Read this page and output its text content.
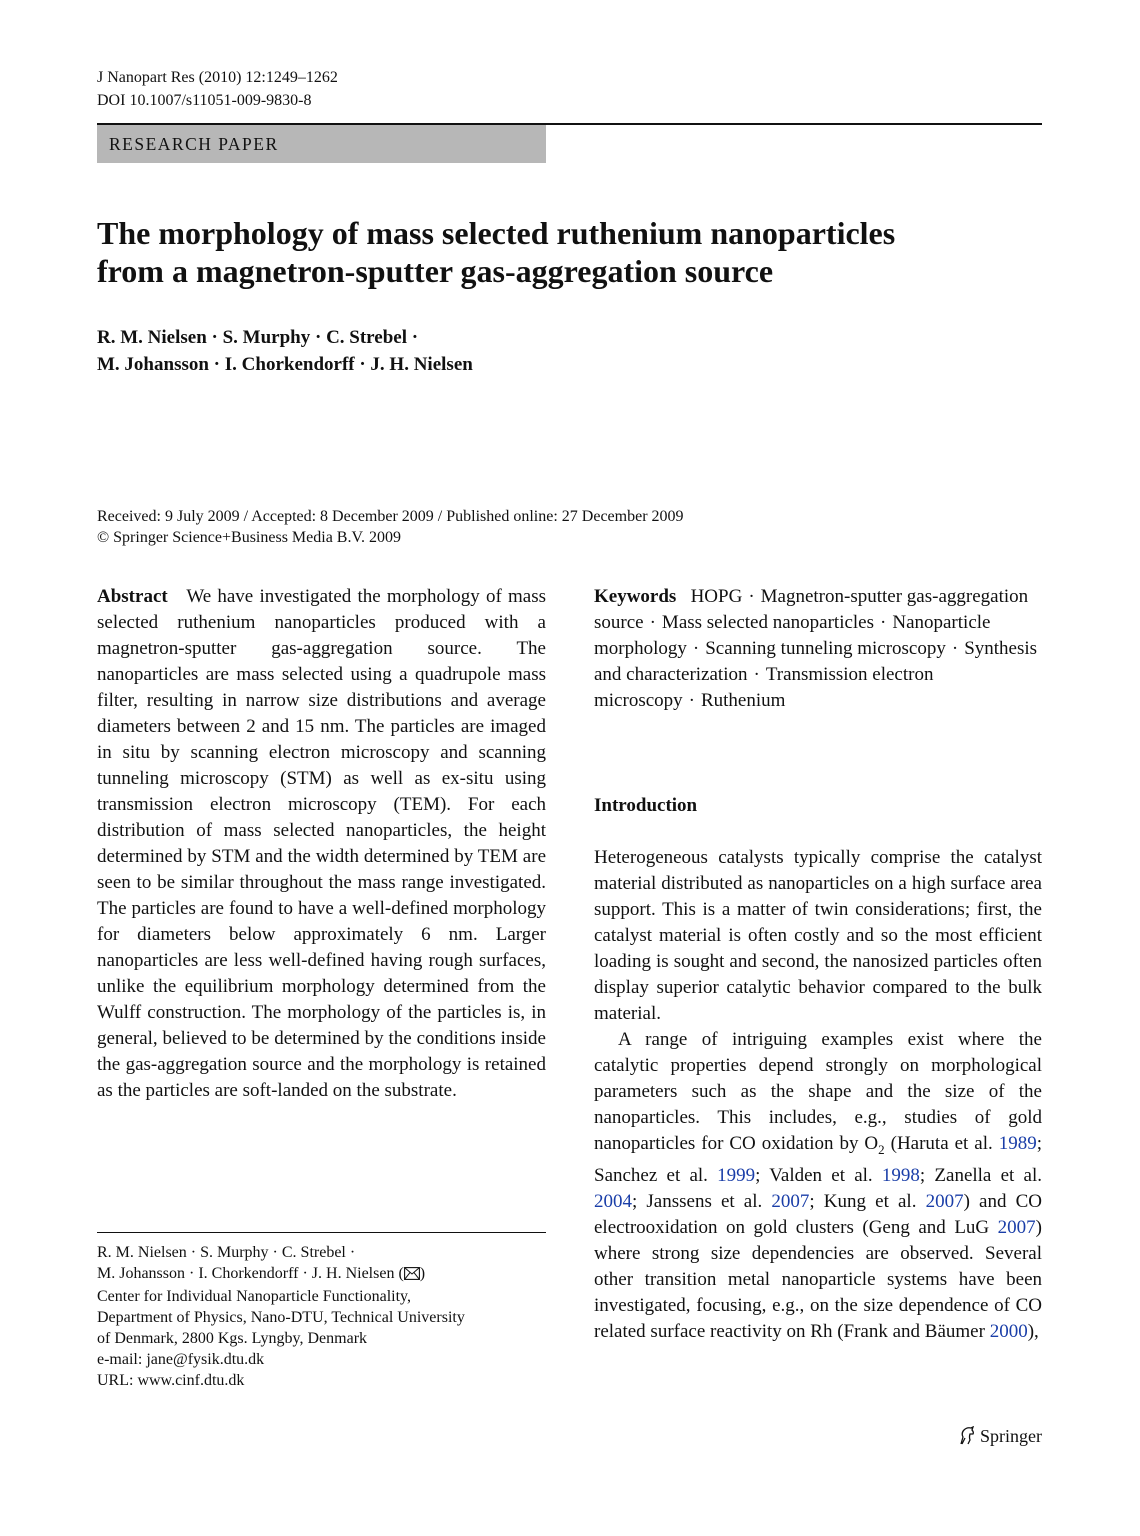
J Nanopart Res (2010) 12:1249–1262
DOI 10.1007/s11051-009-9830-8
RESEARCH PAPER
The morphology of mass selected ruthenium nanoparticles
from a magnetron-sputter gas-aggregation source
R. M. Nielsen · S. Murphy · C. Strebel ·
M. Johansson · I. Chorkendorff · J. H. Nielsen
Received: 9 July 2009 / Accepted: 8 December 2009 / Published online: 27 December 2009
© Springer Science+Business Media B.V. 2009

Abstract We have investigated the morphology of mass selected ruthenium nanoparticles produced with a magnetron-sputter gas-aggregation source. The nanoparticles are mass selected using a quadrupole mass filter, resulting in narrow size distributions and average diameters between 2 and 15 nm. The particles are imaged in situ by scanning electron microscopy and scanning tunneling microscopy (STM) as well as ex-situ using transmission electron microscopy (TEM). For each distribution of mass selected nanoparticles, the height determined by STM and the width determined by TEM are seen to be similar throughout the mass range investigated. The particles are found to have a well-defined morphology for diameters below approximately 6 nm. Larger nanoparticles are less well-defined having rough surfaces, unlike the equilibrium morphology determined from the Wulff construction. The morphology of the particles is, in general, believed to be determined by the conditions inside the gas-aggregation source and the morphology is retained as the particles are soft-landed on the substrate.

Keywords HOPG · Magnetron-sputter gas-aggregation source · Mass selected nanoparticles · Nanoparticle morphology · Scanning tunneling microscopy · Synthesis and characterization · Transmission electron microscopy · Ruthenium

Introduction

Heterogeneous catalysts typically comprise the catalyst material distributed as nanoparticles on a high surface area support. This is a matter of twin considerations; first, the catalyst material is often costly and so the most efficient loading is sought and second, the nanosized particles often display superior catalytic behavior compared to the bulk material.

A range of intriguing examples exist where the catalytic properties depend strongly on morphological parameters such as the shape and the size of the nanoparticles. This includes, e.g., studies of gold nanoparticles for CO oxidation by $O_2$ (Haruta et al. 1989; Sanchez et al. 1999; Valden et al. 1998; Zanella et al. 2004; Janssens et al. 2007; Kung et al. 2007) and CO electrooxidation on gold clusters (Geng and LuG 2007) where strong size dependencies are observed. Several other transition metal nanoparticle systems have been investigated, focusing, e.g., on the size dependence of CO related surface reactivity on Rh (Frank and Bäumer 2000),

R. M. Nielsen · S. Murphy · C. Strebel ·
M. Johansson · I. Chorkendorff · J. H. Nielsen ( )
Center for Individual Nanoparticle Functionality,
Department of Physics, Nano-DTU, Technical University
of Denmark, 2800 Kgs. Lyngby, Denmark
e-mail: jane@fysik.dtu.dk
URL: www.cinf.dtu.dk
Springer
